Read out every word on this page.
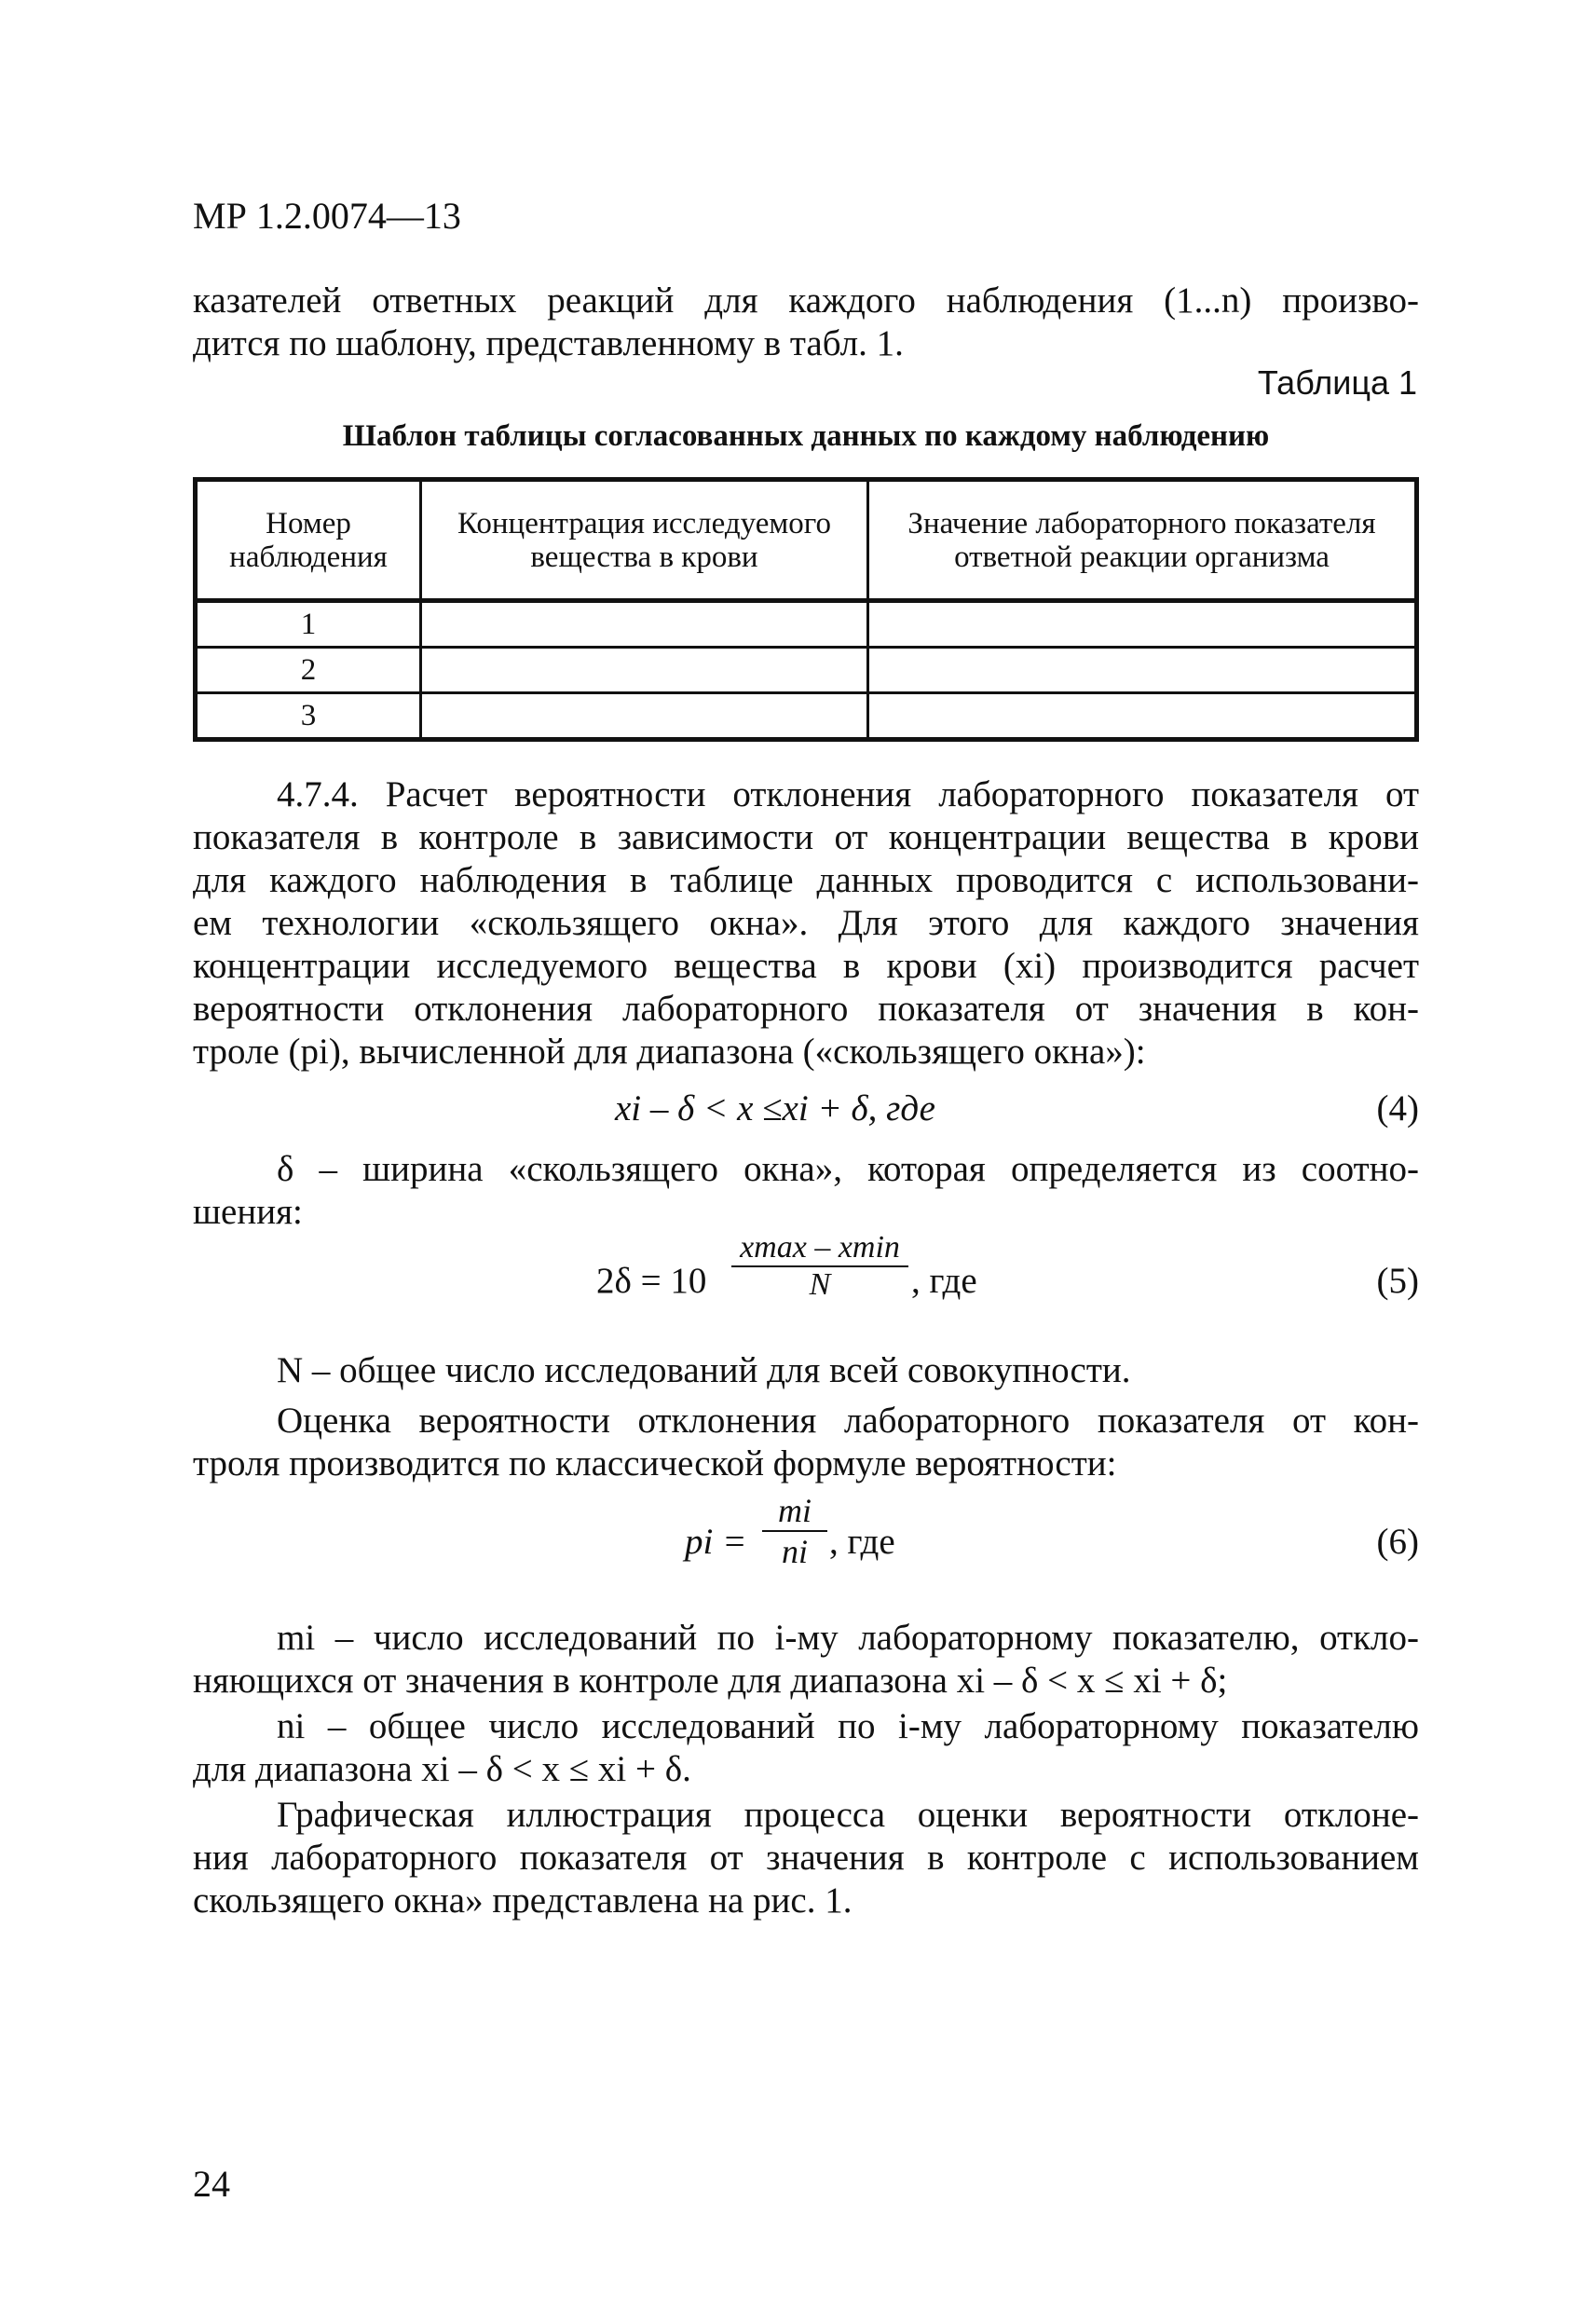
МР 1.2.0074—13
казателей ответных реакций для каждого наблюдения (1...n) произво-
дится по шаблону, представленному в табл. 1.
Таблица 1
Шаблон таблицы согласованных данных по каждому наблюдению
Номер наблюдения	Концентрация исследуемого вещества в крови	Значение лабораторного показателя ответной реакции организма
1		
2		
3		
4.7.4. Расчет вероятности отклонения лабораторного показателя от
показателя в контроле в зависимости от концентрации вещества в крови
для каждого наблюдения в таблице данных проводится с использовани-
ем технологии «скользящего окна». Для этого для каждого значения
концентрации исследуемого вещества в крови (xi) производится расчет
вероятности отклонения лабораторного показателя от значения в кон-
троле (pi), вычисленной для диапазона («скользящего окна»):
xi – δ < x ≤xi + δ, где	(4)
δ – ширина «скользящего окна», которая определяется из соотно-
шения:
2δ = 10
xmax – xmin
N	, где	(5)
N – общее число исследований для всей совокупности.
Оценка вероятности отклонения лабораторного показателя от кон-
троля производится по классической формуле вероятности:
pi = $\frac{mi}{ni}$ , где	(6)
mi – число исследований по i-му лабораторному показателю, откло-
няющихся от значения в контроле для диапазона xi – δ < x ≤ xi + δ;
ni – общее число исследований по i-му лабораторному показателю
для диапазона xi – δ < x ≤ xi + δ.
Графическая иллюстрация процесса оценки вероятности отклоне-
ния лабораторного показателя от значения в контроле с использованием
скользящего окна» представлена на рис. 1.
24
